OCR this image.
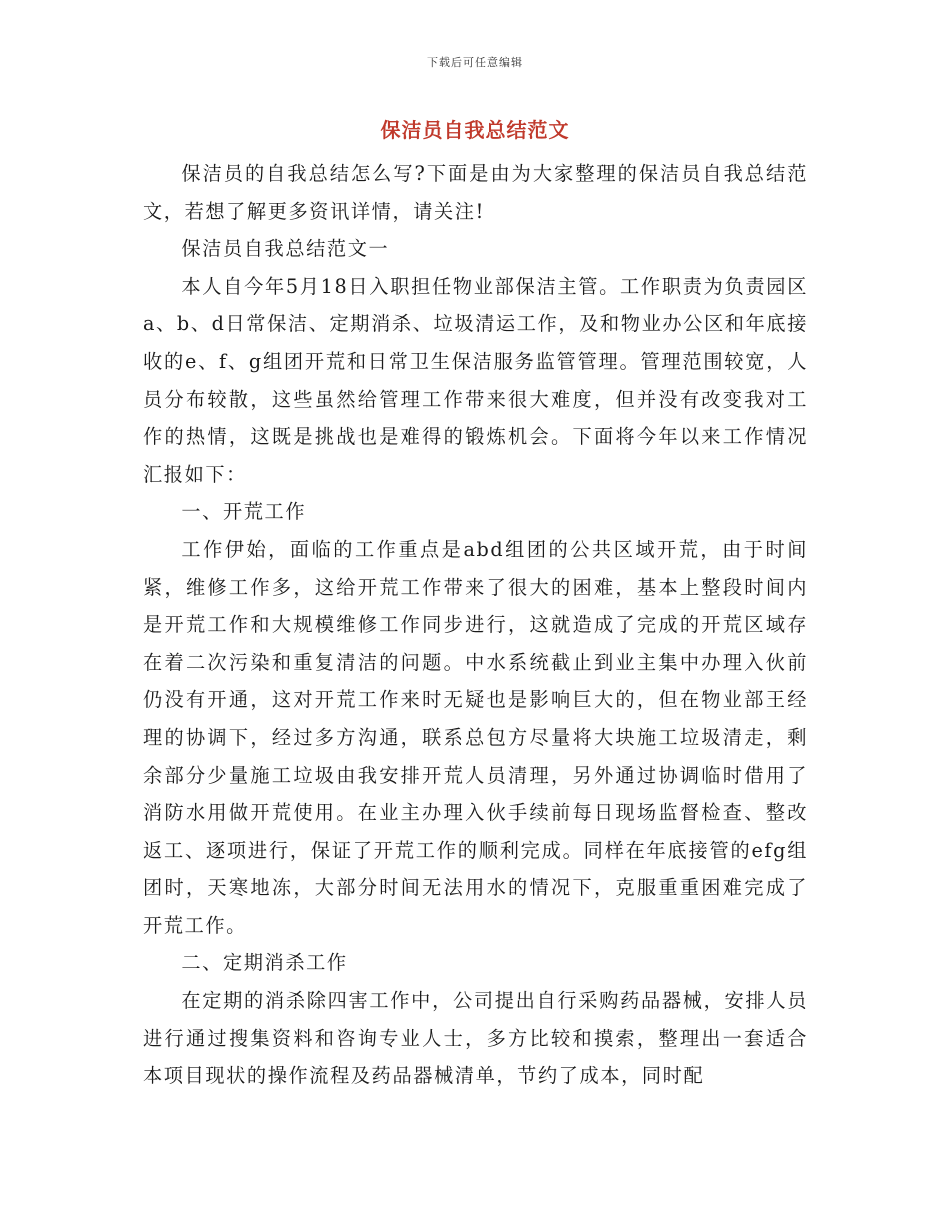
下载后可任意编辑
保洁员自我总结范文

保洁员的自我总结怎么写?下面是由为大家整理的保洁员自我总结范文，若想了解更多资讯详情，请关注!

保洁员自我总结范文一

本人自今年5月18日入职担任物业部保洁主管。工作职责为负责园区a、b、d日常保洁、定期消杀、垃圾清运工作，及和物业办公区和年底接收的e、f、g组团开荒和日常卫生保洁服务监管管理。管理范围较宽，人员分布较散，这些虽然给管理工作带来很大难度，但并没有改变我对工作的热情，这既是挑战也是难得的锻炼机会。下面将今年以来工作情况汇报如下：

一、开荒工作

工作伊始，面临的工作重点是abd组团的公共区域开荒，由于时间紧，维修工作多，这给开荒工作带来了很大的困难，基本上整段时间内是开荒工作和大规模维修工作同步进行，这就造成了完成的开荒区域存在着二次污染和重复清洁的问题。中水系统截止到业主集中办理入伙前仍没有开通，这对开荒工作来时无疑也是影响巨大的，但在物业部王经理的协调下，经过多方沟通，联系总包方尽量将大块施工垃圾清走，剩余部分少量施工垃圾由我安排开荒人员清理，另外通过协调临时借用了消防水用做开荒使用。在业主办理入伙手续前每日现场监督检查、整改返工、逐项进行，保证了开荒工作的顺利完成。同样在年底接管的efg组团时，天寒地冻，大部分时间无法用水的情况下，克服重重困难完成了开荒工作。

二、定期消杀工作

在定期的消杀除四害工作中，公司提出自行采购药品器械，安排人员进行通过搜集资料和咨询专业人士，多方比较和摸索，整理出一套适合本项目现状的操作流程及药品器械清单，节约了成本，同时配
